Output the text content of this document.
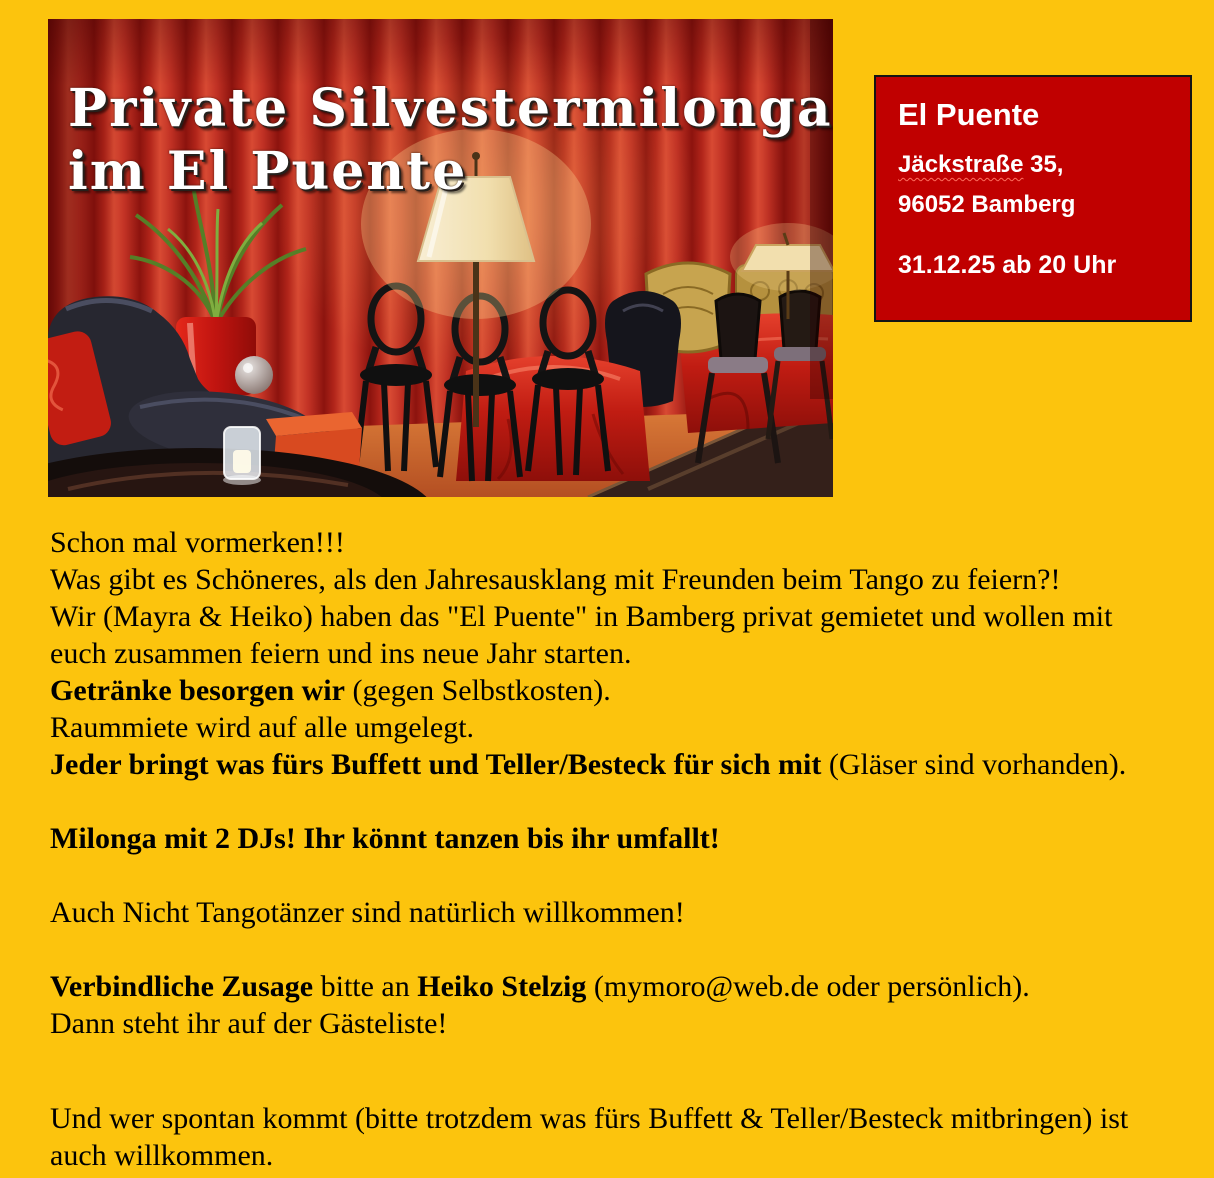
Private Silvestermilonga
im El Puente
El Puente
Jäckstraße 35,
96052 Bamberg
31.12.25 ab 20 Uhr

Schon mal vormerken!!!
Was gibt es Schöneres, als den Jahresausklang mit Freunden beim Tango zu feiern?!
Wir (Mayra & Heiko) haben das "El Puente" in Bamberg privat gemietet und wollen mit
euch zusammen feiern und ins neue Jahr starten.
Getränke besorgen wir (gegen Selbstkosten).
Raummiete wird auf alle umgelegt.
Jeder bringt was fürs Buffett und Teller/Besteck für sich mit (Gläser sind vorhanden).

Milonga mit 2 DJs! Ihr könnt tanzen bis ihr umfallt!

Auch Nicht Tangotänzer sind natürlich willkommen!

Verbindliche Zusage bitte an Heiko Stelzig (mymoro@web.de oder persönlich).
Dann steht ihr auf der Gästeliste!

Und wer spontan kommt (bitte trotzdem was fürs Buffett & Teller/Besteck mitbringen) ist
auch willkommen.
